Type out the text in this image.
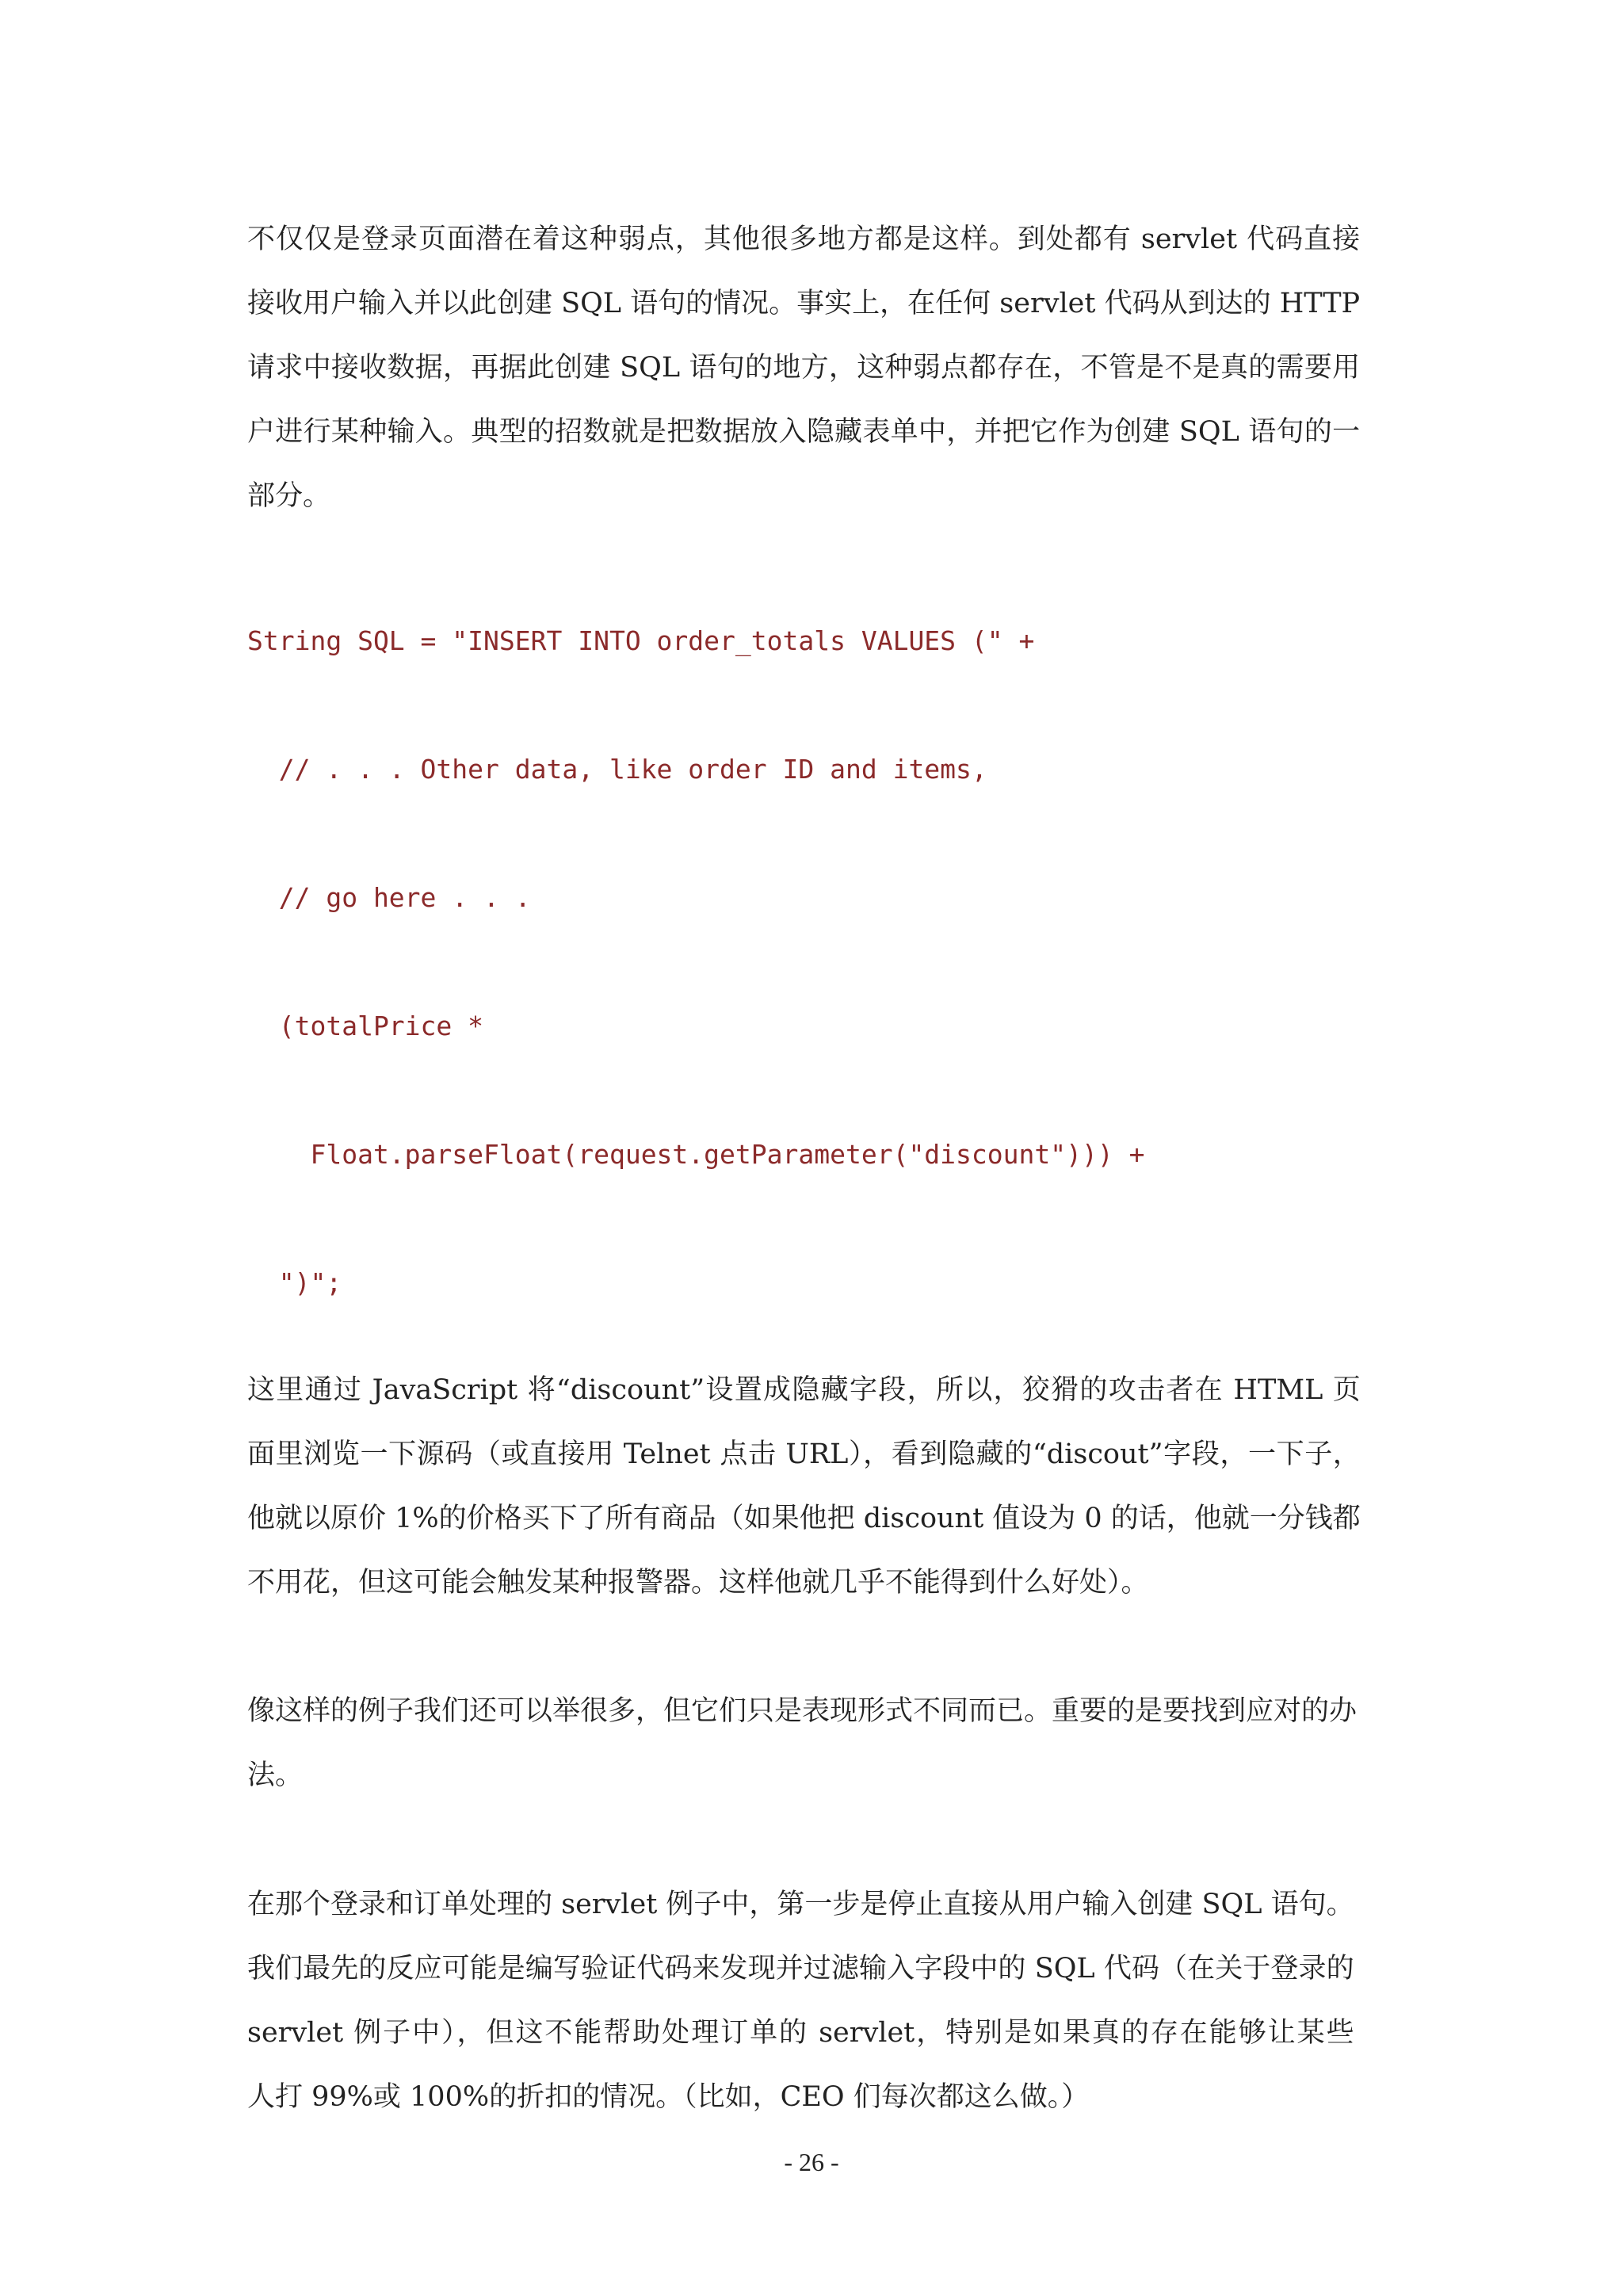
不仅仅是登录页面潜在着这种弱点，其他很多地方都是这样。到处都有 servlet 代码直接
接收用户输入并以此创建 SQL 语句的情况。事实上，在任何 servlet 代码从到达的 HTTP
请求中接收数据，再据此创建 SQL 语句的地方，这种弱点都存在，不管是不是真的需要用
户进行某种输入。典型的招数就是把数据放入隐藏表单中，并把它作为创建 SQL 语句的一
部分。
String SQL = "INSERT INTO order_totals VALUES (" +
// . . . Other data, like order ID and items,
// go here . . .
(totalPrice *
Float.parseFloat(request.getParameter("discount"))) +
")";
这里通过 JavaScript 将“discount”设置成隐藏字段，所以，狡猾的攻击者在 HTML 页
面里浏览一下源码（或直接用 Telnet 点击 URL），看到隐藏的“discout”字段，一下子，
他就以原价 1%的价格买下了所有商品（如果他把 discount 值设为 0 的话，他就一分钱都
不用花，但这可能会触发某种报警器。这样他就几乎不能得到什么好处）。
像这样的例子我们还可以举很多，但它们只是表现形式不同而已。重要的是要找到应对的办
法。
在那个登录和订单处理的 servlet 例子中，第一步是停止直接从用户输入创建 SQL 语句。
我们最先的反应可能是编写验证代码来发现并过滤输入字段中的 SQL 代码（在关于登录的
servlet 例子中），但这不能帮助处理订单的 servlet，特别是如果真的存在能够让某些
人打 99%或 100%的折扣的情况。（比如，CEO 们每次都这么做。）
- 26 -
